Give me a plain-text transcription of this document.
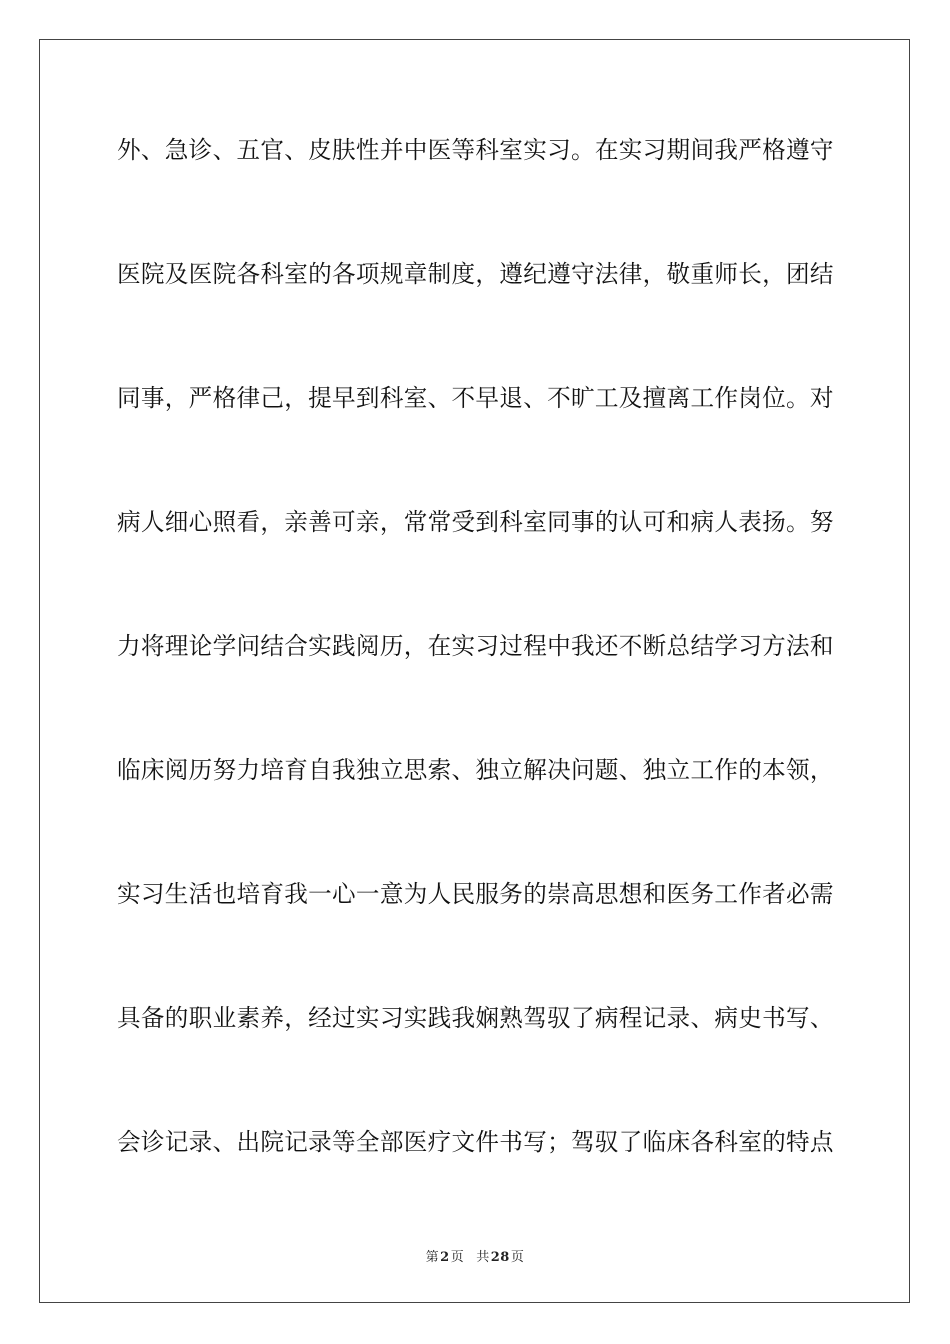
外、急诊、五官、皮肤性并中医等科室实习。在实习期间我严格遵守
医院及医院各科室的各项规章制度，遵纪遵守法律，敬重师长，团结
同事，严格律己，提早到科室、不早退、不旷工及擅离工作岗位。对
病人细心照看，亲善可亲，常常受到科室同事的认可和病人表扬。努
力将理论学问结合实践阅历，在实习过程中我还不断总结学习方法和
临床阅历努力培育自我独立思索、独立解决问题、独立工作的本领，
实习生活也培育我一心一意为人民服务的崇高思想和医务工作者必需
具备的职业素养，经过实习实践我娴熟驾驭了病程记录、病史书写、
会诊记录、出院记录等全部医疗文件书写；驾驭了临床各科室的特点
第2页 共28页
